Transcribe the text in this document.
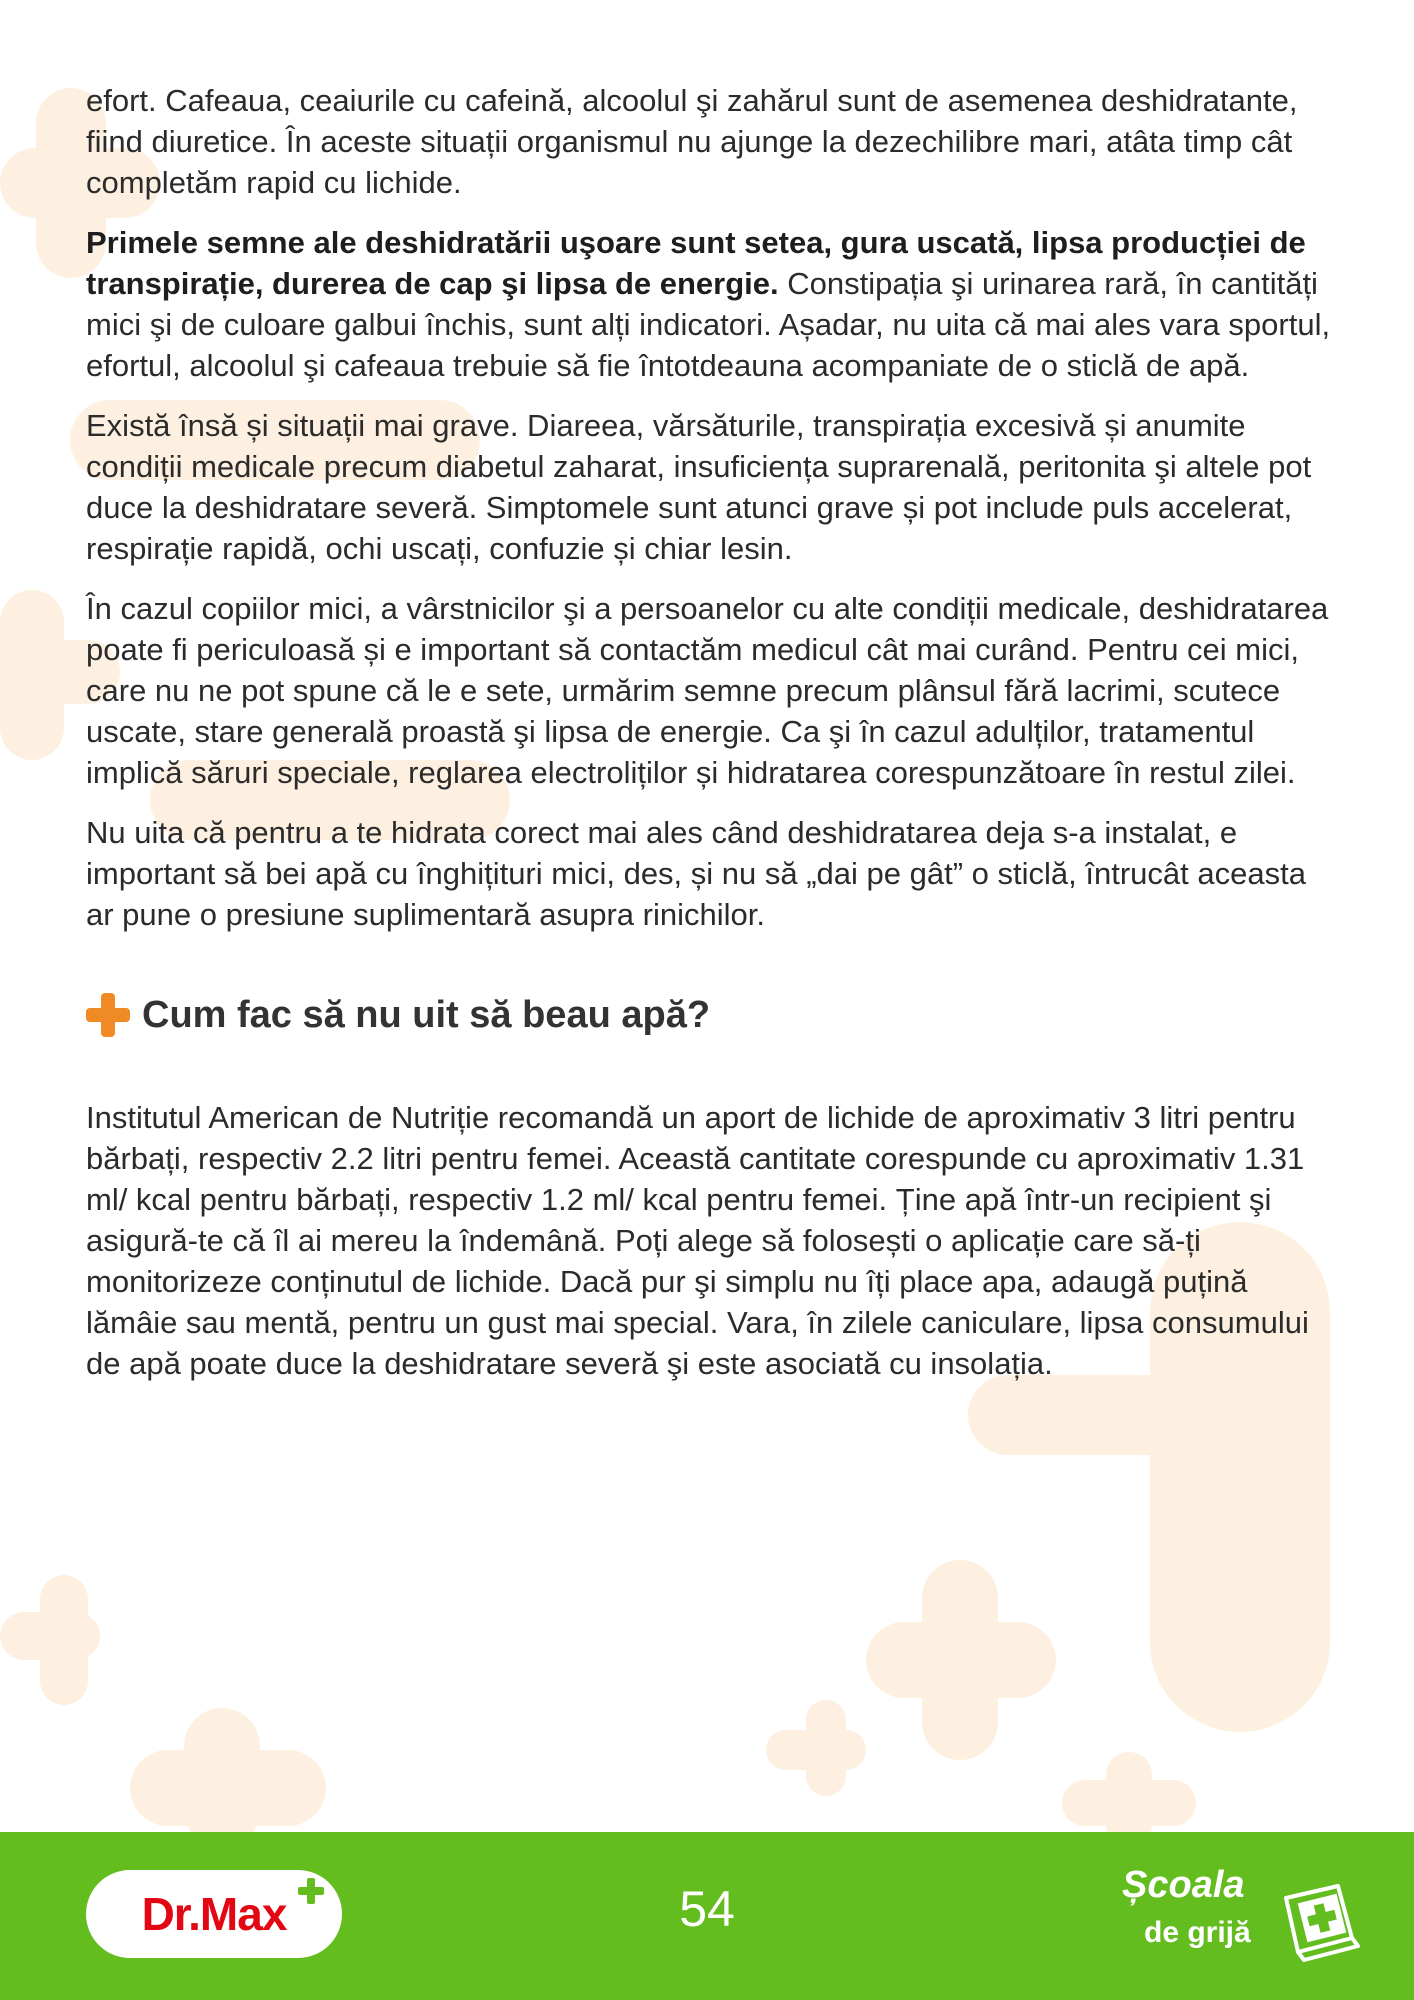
efort. Cafeaua, ceaiurile cu cafeină, alcoolul şi zahărul sunt de asemenea deshidratante, fiind diuretice. În aceste situații organismul nu ajunge la dezechilibre mari, atâta timp cât completăm rapid cu lichide.

Primele semne ale deshidratării uşoare sunt setea, gura uscată, lipsa producției de transpirație, durerea de cap şi lipsa de energie. Constipația şi urinarea rară, în cantități mici şi de culoare galbui închis, sunt alți indicatori. Așadar, nu uita că mai ales vara sportul, efortul, alcoolul şi cafeaua trebuie să fie întotdeauna acompaniate de o sticlă de apă.

Există însă și situații mai grave. Diareea, vărsăturile, transpirația excesivă și anumite condiții medicale precum diabetul zaharat, insuficiența suprarenală, peritonita şi altele pot duce la deshidratare severă. Simptomele sunt atunci grave și pot include puls accelerat, respirație rapidă, ochi uscați, confuzie și chiar lesin.

În cazul copiilor mici, a vârstnicilor şi a persoanelor cu alte condiții medicale, deshidratarea poate fi periculoasă și e important să contactăm medicul cât mai curând. Pentru cei mici, care nu ne pot spune că le e sete, urmărim semne precum plânsul fără lacrimi, scutece uscate, stare generală proastă şi lipsa de energie. Ca şi în cazul adulților, tratamentul implică săruri speciale, reglarea electroliților și hidratarea corespunzătoare în restul zilei.

Nu uita că pentru a te hidrata corect mai ales când deshidratarea deja s-a instalat, e important să bei apă cu înghițituri mici, des, și nu să „dai pe gât” o sticlă, întrucât aceasta ar pune o presiune suplimentară asupra rinichilor.

Cum fac să nu uit să beau apă?

Institutul American de Nutriție recomandă un aport de lichide de aproximativ 3 litri pentru bărbați, respectiv 2.2 litri pentru femei. Această cantitate corespunde cu aproximativ 1.31 ml/ kcal pentru bărbați, respectiv 1.2 ml/ kcal pentru femei. Ține apă într-un recipient şi asigură-te că îl ai mereu la îndemână. Poți alege să folosești o aplicație care să-ți monitorizeze conținutul de lichide. Dacă pur şi simplu nu îți place apa, adaugă puțină lămâie sau mentă, pentru un gust mai special. Vara, în zilele caniculare, lipsa consumului de apă poate duce la deshidratare severă şi este asociată cu insolația.

Dr.Max	54	Școala
de grijă
